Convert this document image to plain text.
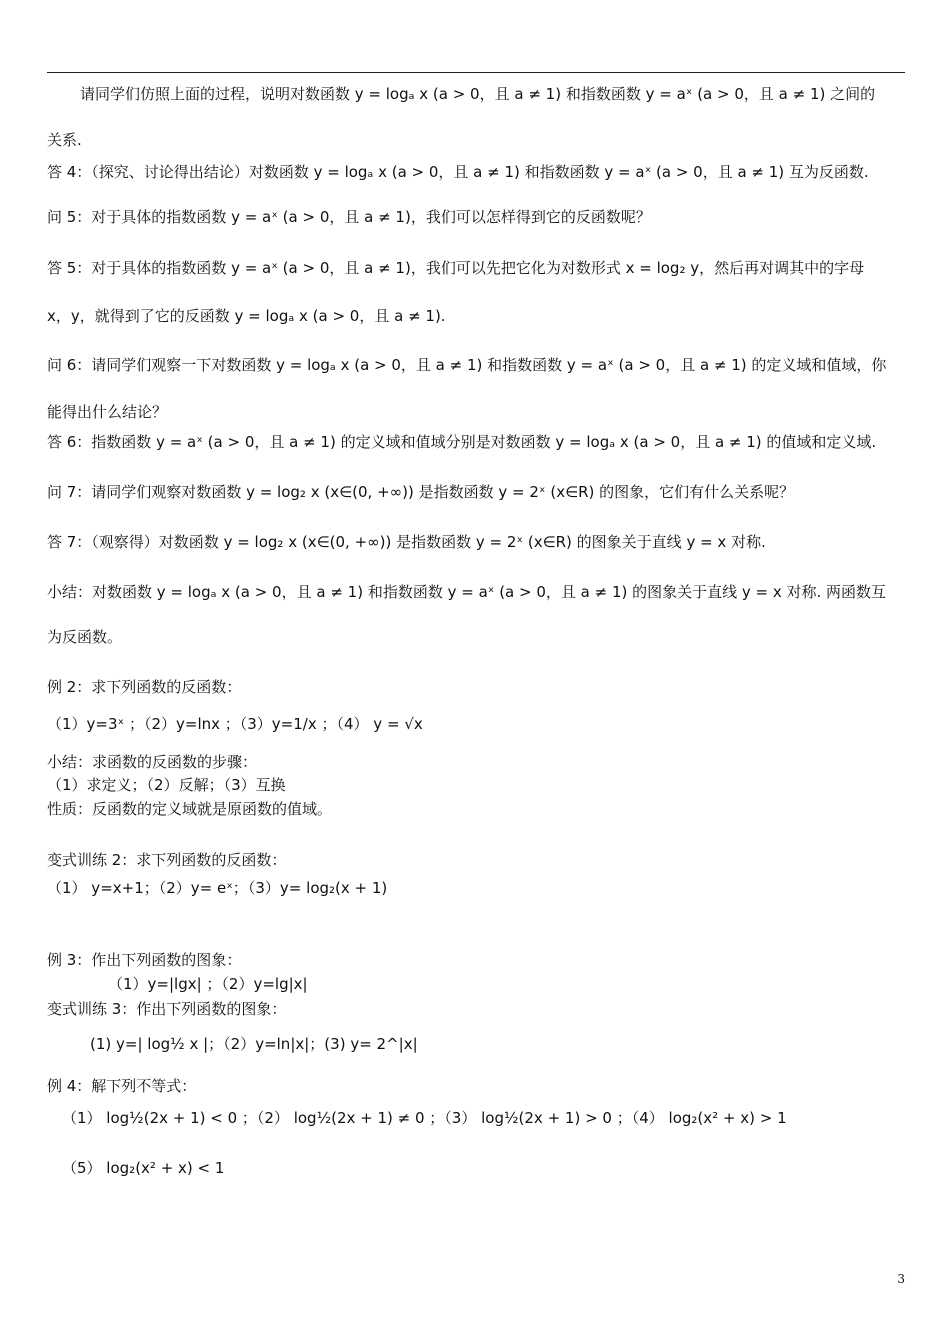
请同学们仿照上面的过程，说明对数函数 y = logₐ x (a > 0，且 a ≠ 1) 和指数函数 y = aˣ (a > 0，且 a ≠ 1) 之间的
关系.
答 4：（探究、讨论得出结论）对数函数 y = logₐ x (a > 0，且 a ≠ 1) 和指数函数 y = aˣ (a > 0，且 a ≠ 1) 互为反函数.
问 5：对于具体的指数函数 y = aˣ (a > 0，且 a ≠ 1)，我们可以怎样得到它的反函数呢？
答 5：对于具体的指数函数 y = aˣ (a > 0，且 a ≠ 1)，我们可以先把它化为对数形式 x = log₂ y，然后再对调其中的字母
x，y，就得到了它的反函数 y = logₐ x (a > 0，且 a ≠ 1).
问 6：请同学们观察一下对数函数 y = logₐ x (a > 0，且 a ≠ 1) 和指数函数 y = aˣ (a > 0，且 a ≠ 1) 的定义域和值域，你
能得出什么结论？
答 6：指数函数 y = aˣ (a > 0，且 a ≠ 1) 的定义域和值域分别是对数函数 y = logₐ x (a > 0，且 a ≠ 1) 的值域和定义域.
问 7：请同学们观察对数函数 y = log₂ x (x∈(0, +∞)) 是指数函数 y = 2ˣ (x∈R) 的图象，它们有什么关系呢？
答 7：（观察得）对数函数 y = log₂ x (x∈(0, +∞)) 是指数函数 y = 2ˣ (x∈R) 的图象关于直线 y = x 对称.
小结：对数函数 y = logₐ x (a > 0，且 a ≠ 1) 和指数函数 y = aˣ (a > 0，且 a ≠ 1) 的图象关于直线 y = x 对称. 两函数互
为反函数。
例 2：求下列函数的反函数：
（1）y=3ˣ ；（2）y=lnx ；（3）y=1/x ；（4） y = √x
小结：求函数的反函数的步骤：
（1）求定义；（2）反解；（3）互换
性质：反函数的定义域就是原函数的值域。
变式训练 2：求下列函数的反函数：
（1） y=x+1；（2）y= eˣ；（3）y= log₂(x + 1)
例 3：作出下列函数的图象：
（1）y=|lgx| ；（2）y=lg|x|
变式训练 3：作出下列函数的图象：
(1) y=| log½ x |；（2）y=ln|x|；(3) y= 2^|x|
例 4：解下列不等式：
（1） log½(2x + 1) < 0 ；（2） log½(2x + 1) ≠ 0 ；（3） log½(2x + 1) > 0 ；（4） log₂(x² + x) > 1
（5） log₂(x² + x) < 1
3
